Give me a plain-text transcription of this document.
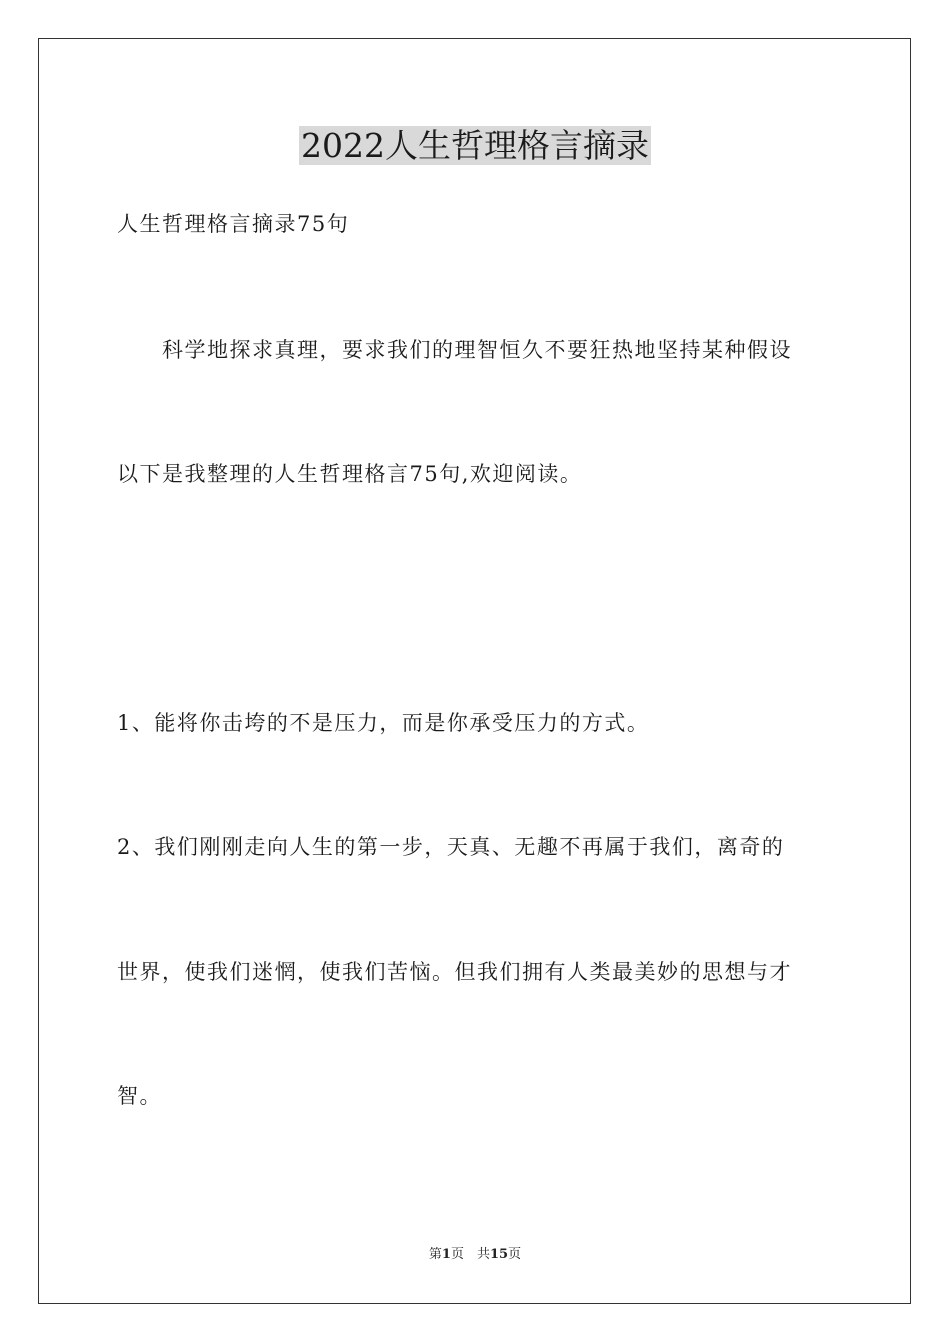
2022人生哲理格言摘录
人生哲理格言摘录75句
科学地探求真理，要求我们的理智恒久不要狂热地坚持某种假设
以下是我整理的人生哲理格言75句,欢迎阅读。
1、能将你击垮的不是压力，而是你承受压力的方式。
2、我们刚刚走向人生的第一步，天真、无趣不再属于我们，离奇的
世界，使我们迷惘，使我们苦恼。但我们拥有人类最美妙的思想与才
智。
第1页　共15页
